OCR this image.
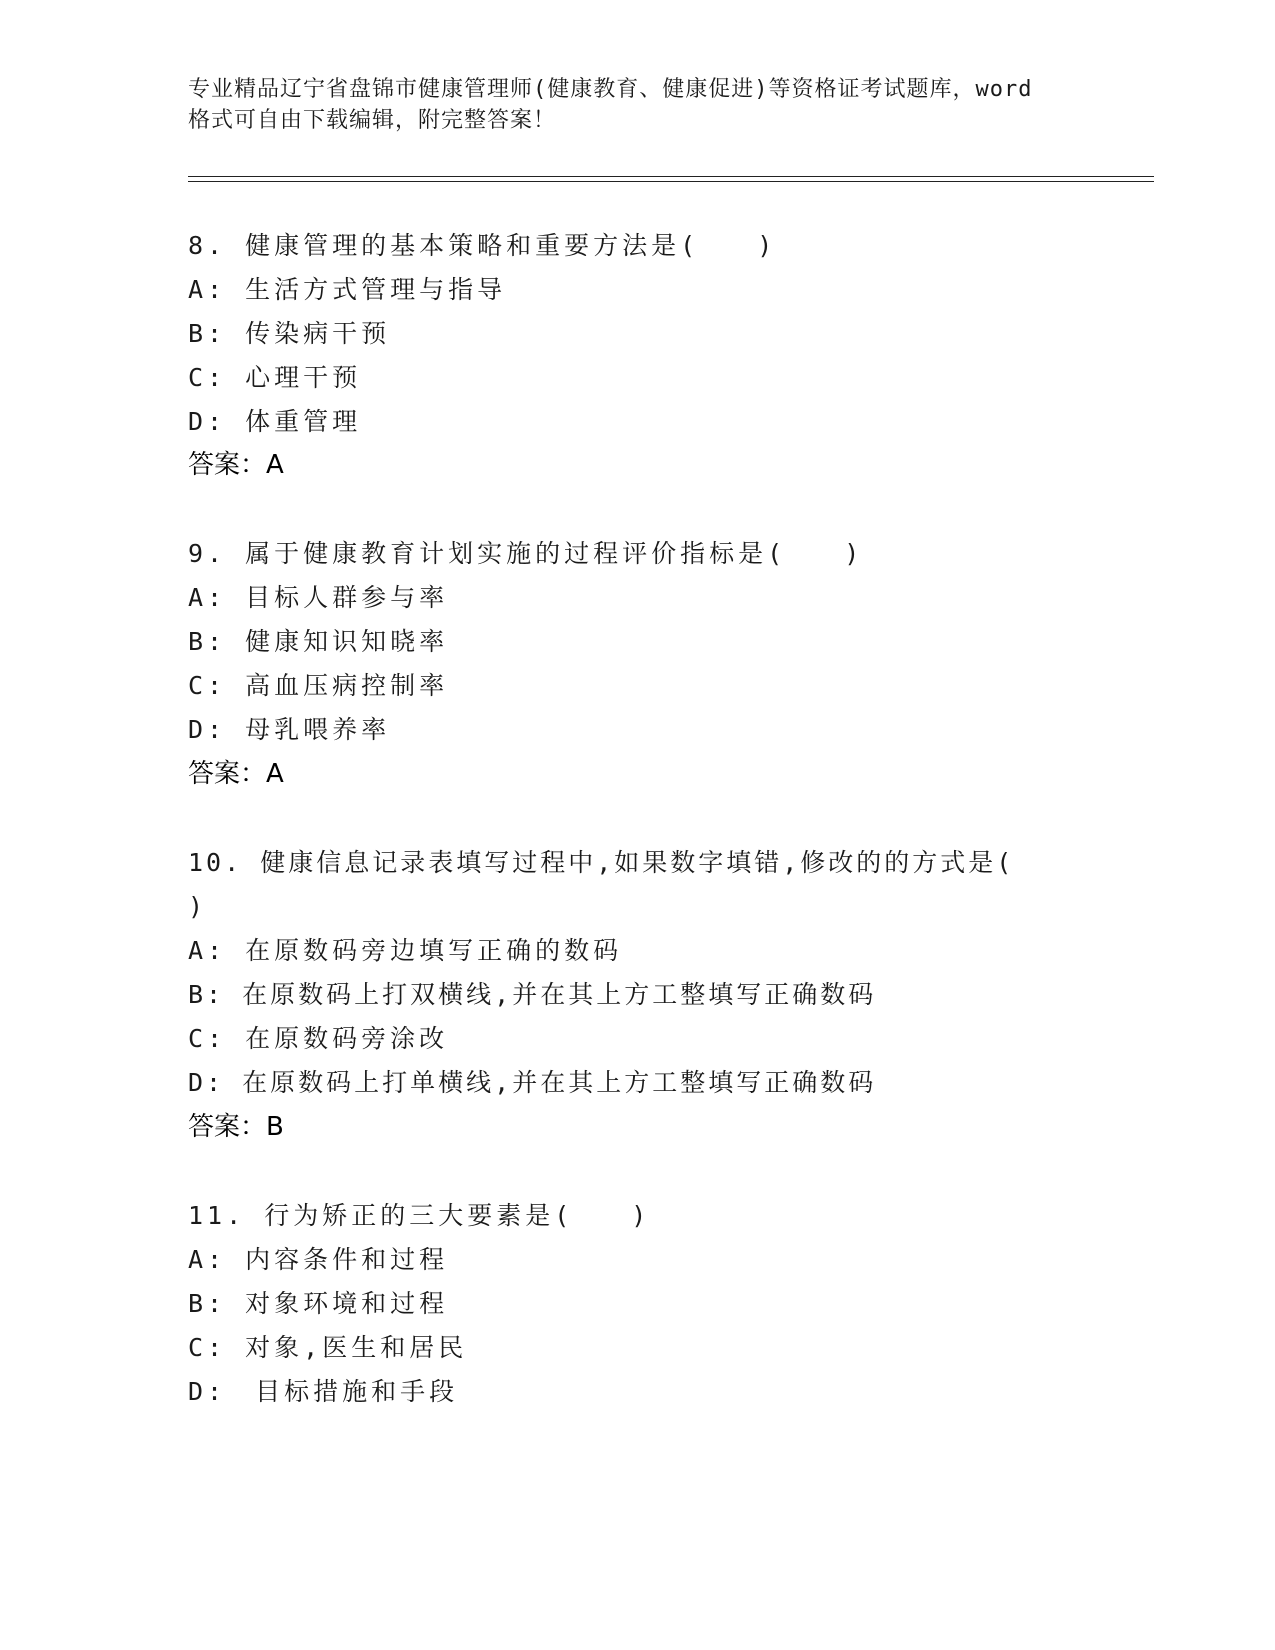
专业精品辽宁省盘锦市健康管理师(健康教育、健康促进)等资格证考试题库，word
格式可自由下载编辑，附完整答案！
8. 健康管理的基本策略和重要方法是(　　)
A: 生活方式管理与指导
B: 传染病干预
C: 心理干预
D: 体重管理
答案：A
9. 属于健康教育计划实施的过程评价指标是(　　)
A: 目标人群参与率
B: 健康知识知晓率
C: 高血压病控制率
D: 母乳喂养率
答案：A
10. 健康信息记录表填写过程中,如果数字填错,修改的的方式是(
)
A: 在原数码旁边填写正确的数码
B: 在原数码上打双横线,并在其上方工整填写正确数码
C: 在原数码旁涂改
D: 在原数码上打单横线,并在其上方工整填写正确数码
答案：B
11. 行为矫正的三大要素是(　　)
A: 内容条件和过程
B: 对象环境和过程
C: 对象,医生和居民
D:　目标措施和手段
